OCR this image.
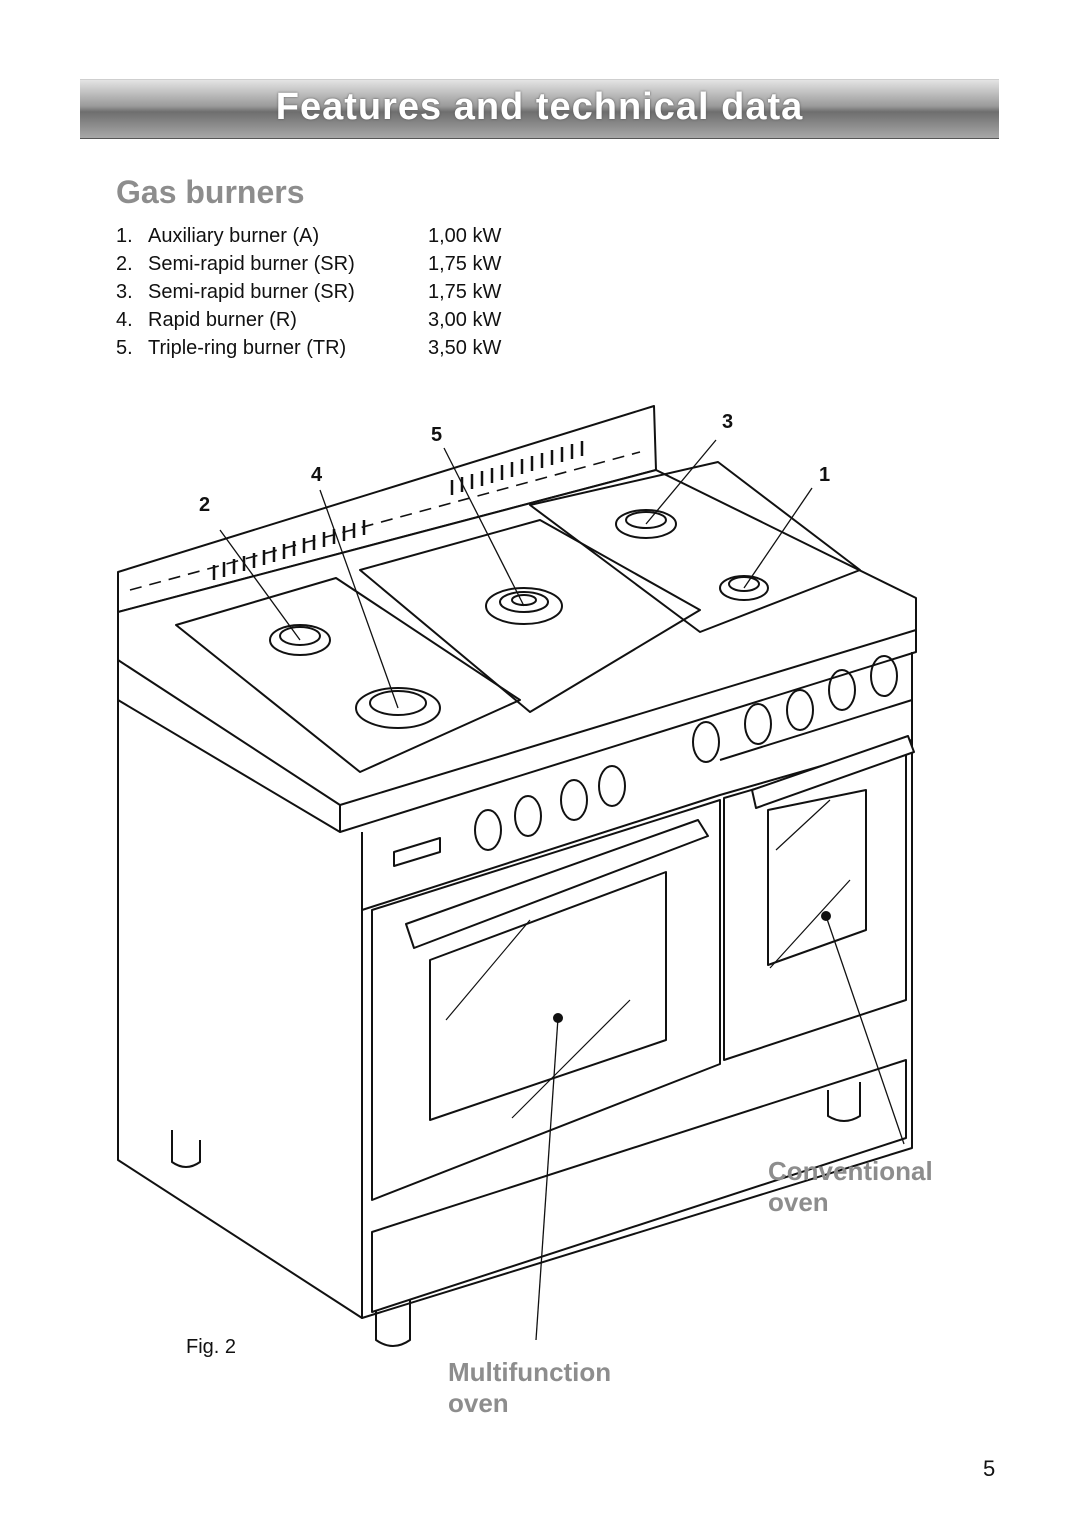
Features and technical data
Gas burners
1. Auxiliary burner (A)	1,00 kW
2. Semi-rapid burner (SR)	1,75 kW
3. Semi-rapid burner (SR)	1,75 kW
4. Rapid burner (R)	3,00 kW
5. Triple-ring burner (TR)	3,50 kW
5
3
4	1
2
Conventional
oven
Fig. 2
Multifunction
oven
5
